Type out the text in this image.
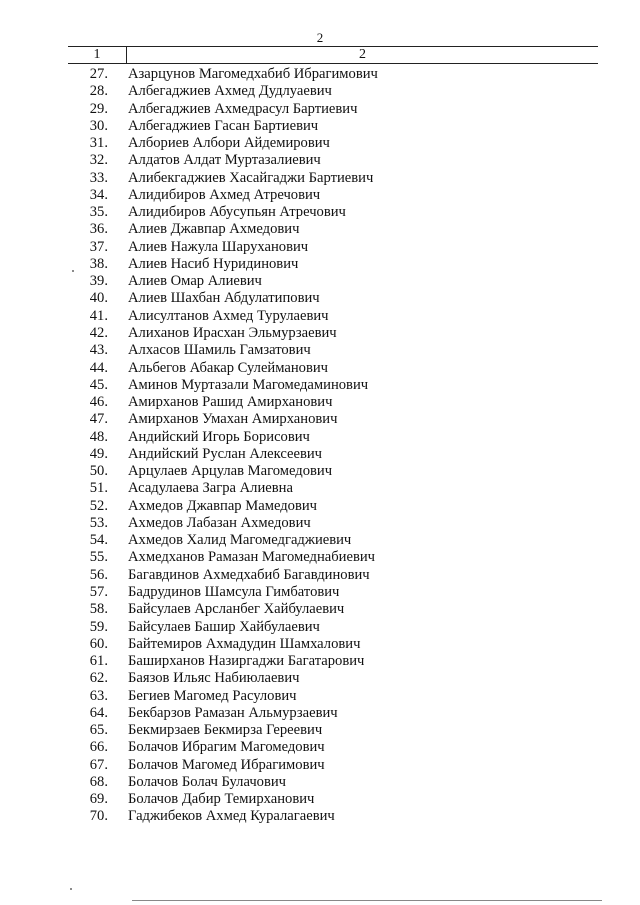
2
1	2
27. Азарцунов Магомедхабиб Ибрагимович
28. Албегаджиев Ахмед Дудлуаевич
29. Албегаджиев Ахмедрасул Бартиевич
30. Албегаджиев Гасан Бартиевич
31. Албориев Албори Айдемирович
32. Алдатов Алдат Муртазалиевич
33. Алибекгаджиев Хасайгаджи Бартиевич
34. Алидибиров Ахмед Атречович
35. Алидибиров Абусупьян Атречович
36. Алиев Джавпар Ахмедович
37. Алиев Нажула Шаруханович
38. Алиев Насиб Нуридинович
39. Алиев Омар Алиевич
40. Алиев Шахбан Абдулатипович
41. Алисултанов Ахмед Турулаевич
42. Алиханов Ирасхан Эльмурзаевич
43. Алхасов Шамиль Гамзатович
44. Альбегов Абакар Сулейманович
45. Аминов Муртазали Магомедаминович
46. Амирханов Рашид Амирханович
47. Амирханов Умахан Амирханович
48. Андийский Игорь Борисович
49. Андийский Руслан Алексеевич
50. Арцулаев Арцулав Магомедович
51. Асадулаева Загра Алиевна
52. Ахмедов Джавпар Мамедович
53. Ахмедов Лабазан Ахмедович
54. Ахмедов Халид Магомедгаджиевич
55. Ахмедханов Рамазан Магомеднабиевич
56. Багавдинов Ахмедхабиб Багавдинович
57. Бадрудинов Шамсула Гимбатович
58. Байсулаев Арсланбег Хайбулаевич
59. Байсулаев Башир Хайбулаевич
60. Байтемиров Ахмадудин Шамхалович
61. Баширханов Назиргаджи Багатарович
62. Баязов Ильяс Набиюлаевич
63. Бегиев Магомед Расулович
64. Бекбарзов Рамазан Альмурзаевич
65. Бекмирзаев Бекмирза Гереевич
66. Болачов Ибрагим Магомедович
67. Болачов Магомед Ибрагимович
68. Болачов Болач Булачович
69. Болачов Дабир Темирханович
70. Гаджибеков Ахмед Куралагаевич
